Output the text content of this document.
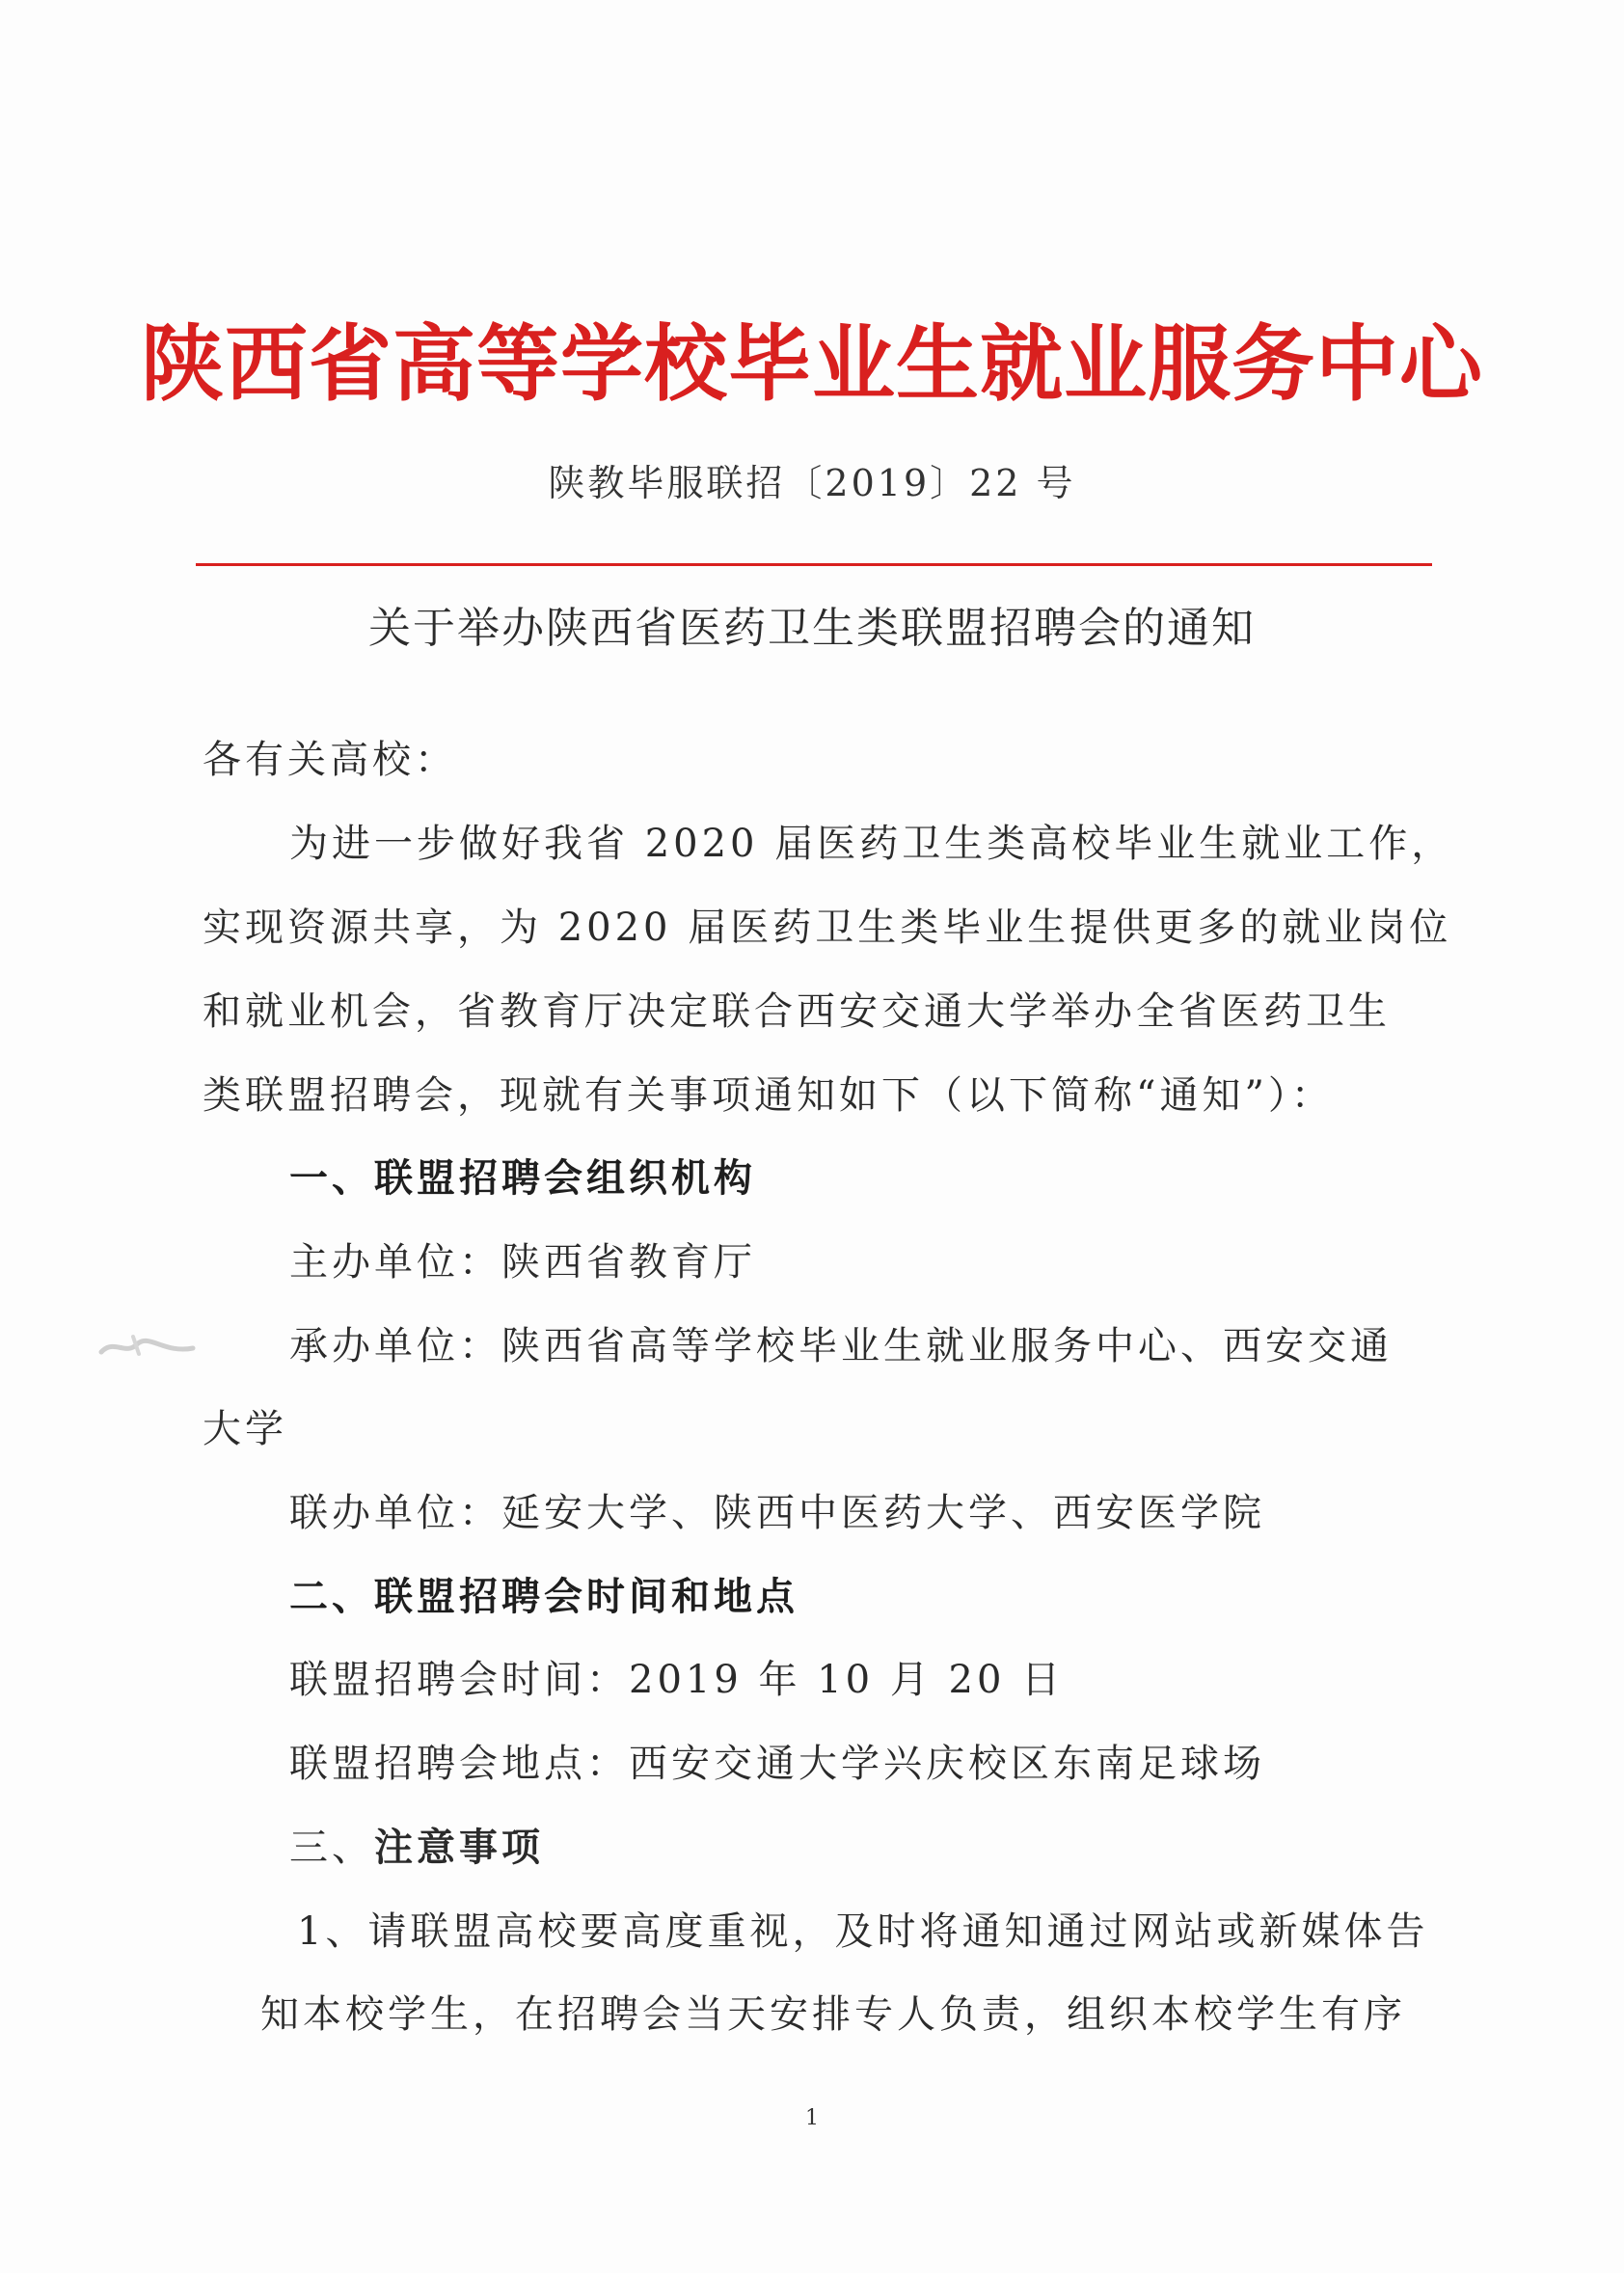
陕西省高等学校毕业生就业服务中心
陕教毕服联招〔2019〕22 号
关于举办陕西省医药卫生类联盟招聘会的通知
各有关高校：
为进一步做好我省 2020 届医药卫生类高校毕业生就业工作，
实现资源共享，为 2020 届医药卫生类毕业生提供更多的就业岗位
和就业机会，省教育厅决定联合西安交通大学举办全省医药卫生
类联盟招聘会，现就有关事项通知如下（以下简称“通知”）：
一、联盟招聘会组织机构
主办单位：陕西省教育厅
承办单位：陕西省高等学校毕业生就业服务中心、西安交通
大学
联办单位：延安大学、陕西中医药大学、西安医学院
二、联盟招聘会时间和地点
联盟招聘会时间：2019 年 10 月 20 日
联盟招聘会地点：西安交通大学兴庆校区东南足球场
三、注意事项
1、请联盟高校要高度重视，及时将通知通过网站或新媒体告
知本校学生，在招聘会当天安排专人负责，组织本校学生有序
1
